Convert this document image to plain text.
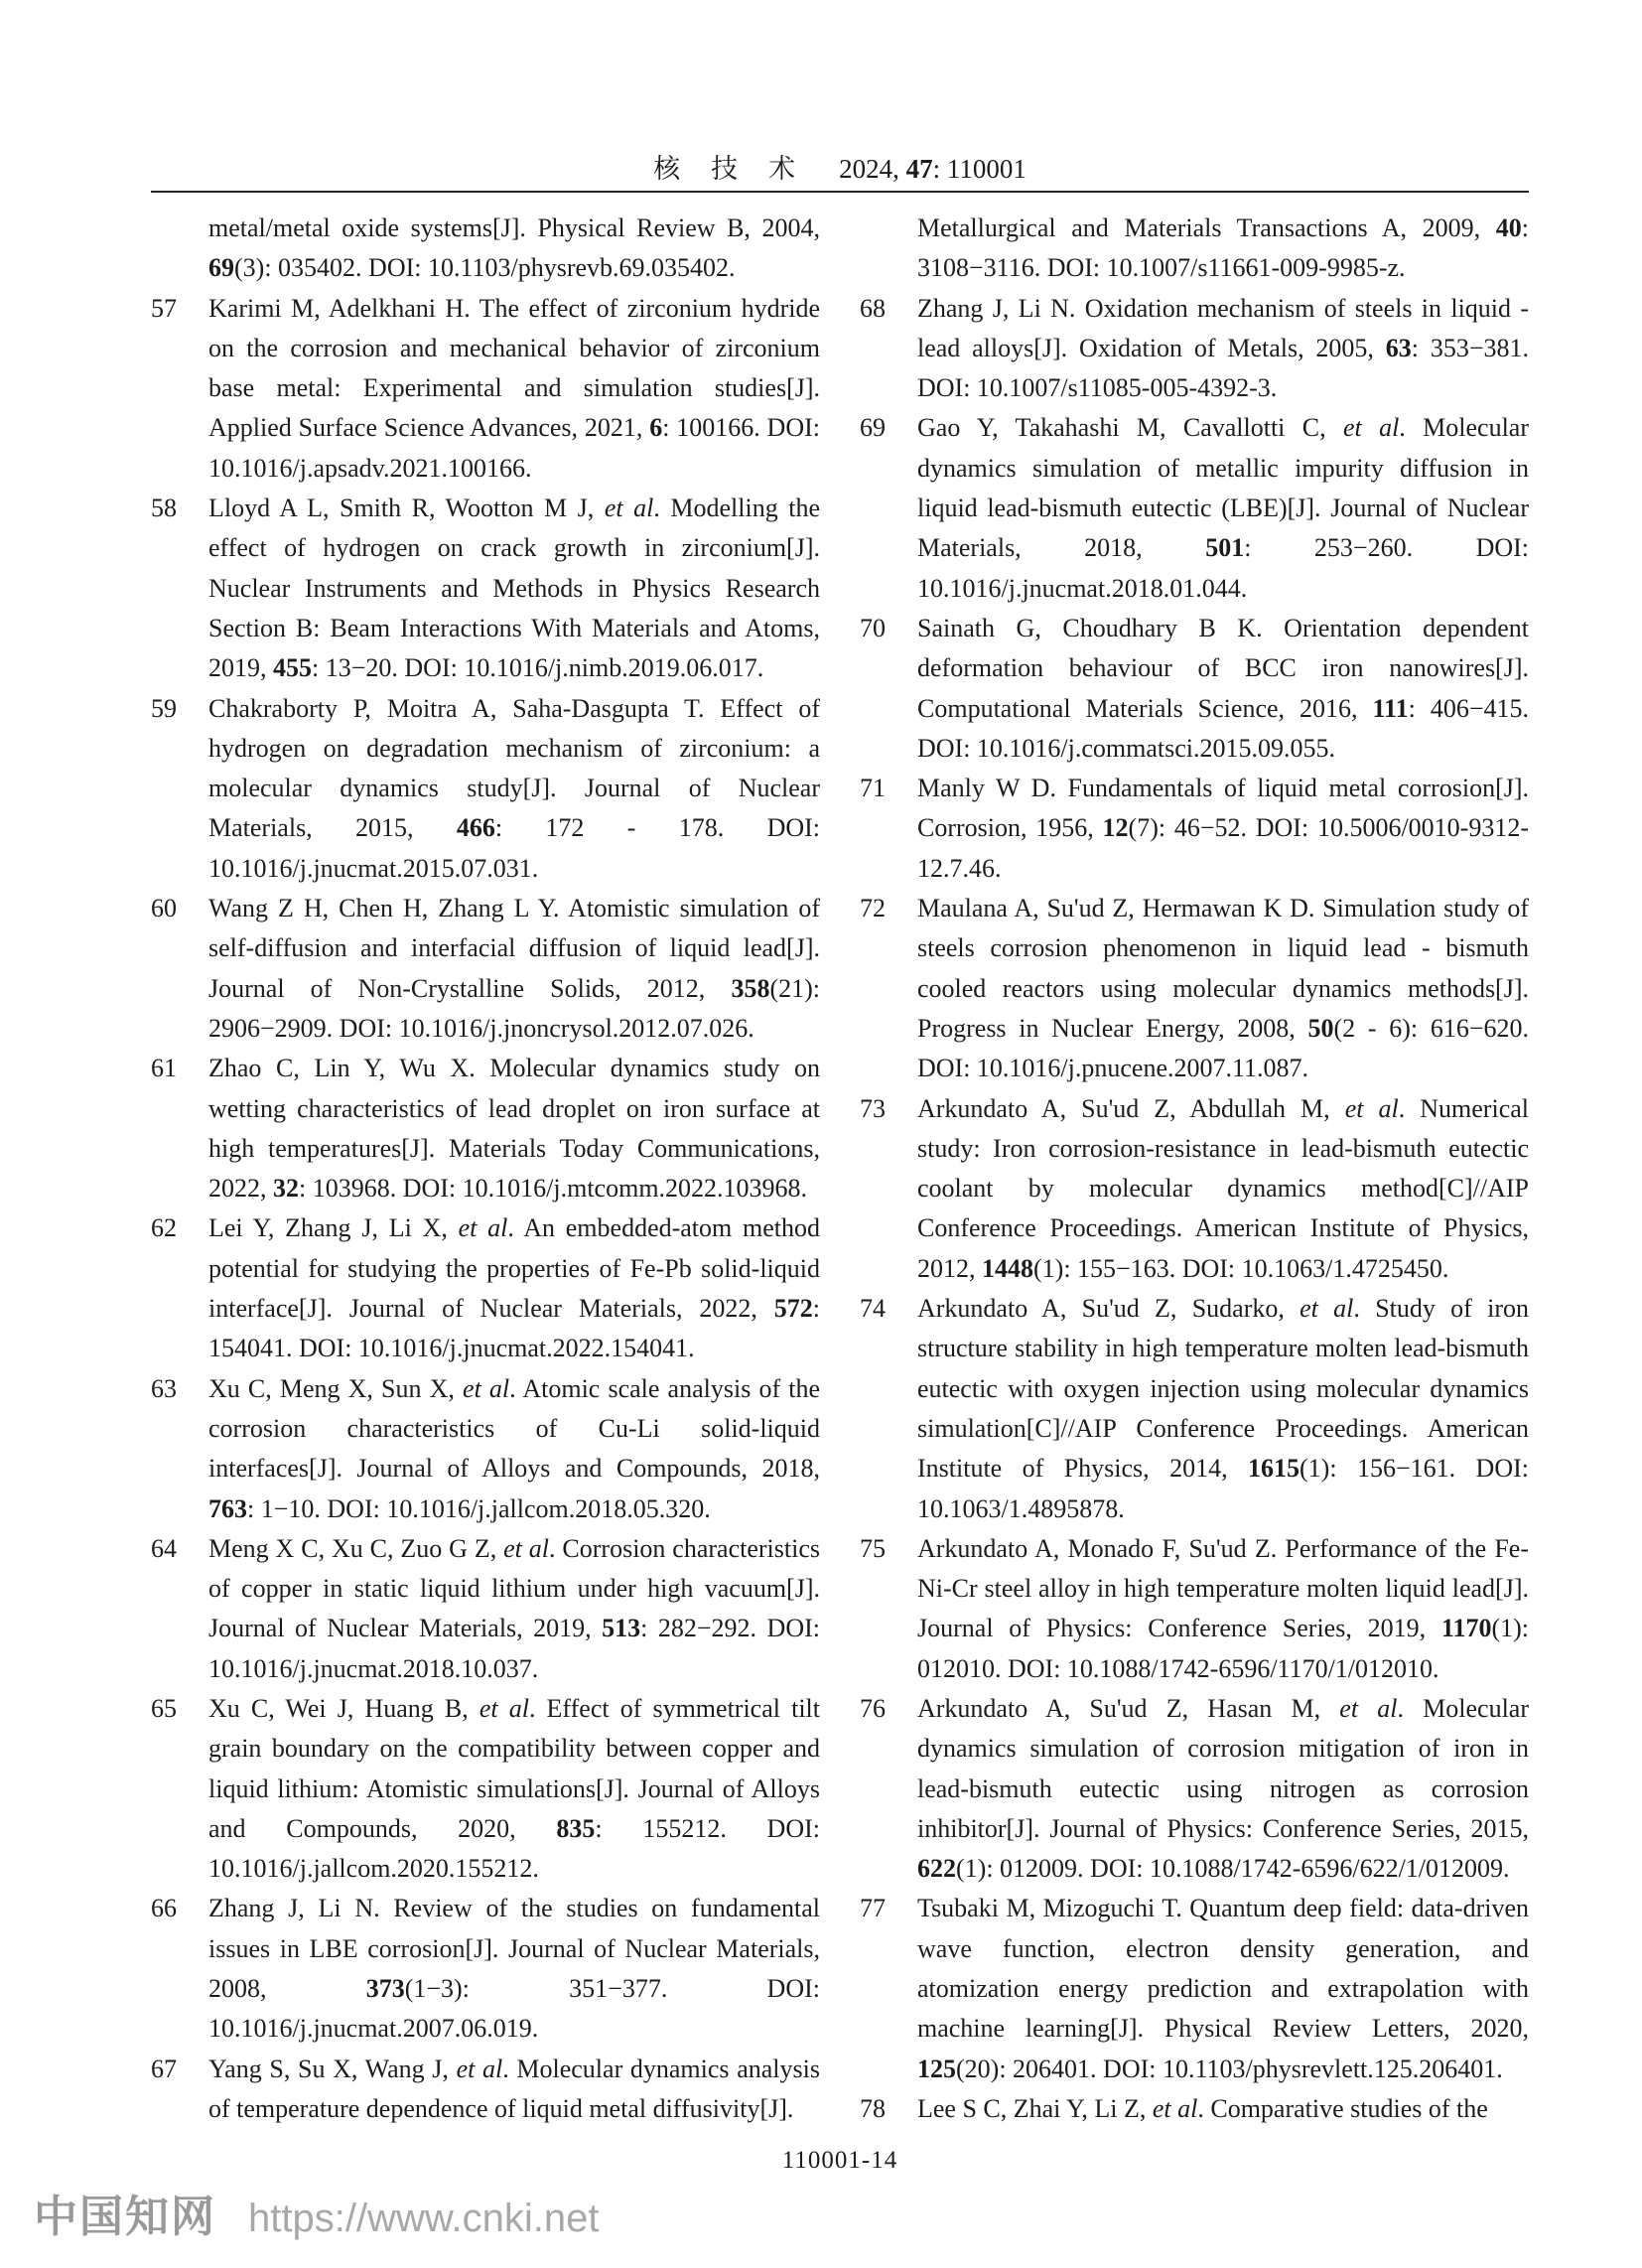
核　技　术 2024, 47: 110001
metal/metal oxide systems[J]. Physical Review B, 2004, 69(3): 035402. DOI: 10.1103/physrevb.69.035402.
57	Karimi M, Adelkhani H. The effect of zirconium hydride on the corrosion and mechanical behavior of zirconium base metal: Experimental and simulation studies[J]. Applied Surface Science Advances, 2021, 6: 100166. DOI: 10.1016/j.apsadv.2021.100166.
58	Lloyd A L, Smith R, Wootton M J, et al. Modelling the effect of hydrogen on crack growth in zirconium[J]. Nuclear Instruments and Methods in Physics Research Section B: Beam Interactions With Materials and Atoms, 2019, 455: 13−20. DOI: 10.1016/j.nimb.2019.06.017.
59	Chakraborty P, Moitra A, Saha-Dasgupta T. Effect of hydrogen on degradation mechanism of zirconium: a molecular dynamics study[J]. Journal of Nuclear Materials, 2015, 466: 172 - 178. DOI: 10.1016/j.jnucmat.2015.07.031.
60	Wang Z H, Chen H, Zhang L Y. Atomistic simulation of self-diffusion and interfacial diffusion of liquid lead[J]. Journal of Non-Crystalline Solids, 2012, 358(21): 2906−2909. DOI: 10.1016/j.jnoncrysol.2012.07.026.
61	Zhao C, Lin Y, Wu X. Molecular dynamics study on wetting characteristics of lead droplet on iron surface at high temperatures[J]. Materials Today Communications, 2022, 32: 103968. DOI: 10.1016/j.mtcomm.2022.103968.
62	Lei Y, Zhang J, Li X, et al. An embedded-atom method potential for studying the properties of Fe-Pb solid-liquid interface[J]. Journal of Nuclear Materials, 2022, 572: 154041. DOI: 10.1016/j.jnucmat.2022.154041.
63	Xu C, Meng X, Sun X, et al. Atomic scale analysis of the corrosion characteristics of Cu-Li solid-liquid interfaces[J]. Journal of Alloys and Compounds, 2018, 763: 1−10. DOI: 10.1016/j.jallcom.2018.05.320.
64	Meng X C, Xu C, Zuo G Z, et al. Corrosion characteristics of copper in static liquid lithium under high vacuum[J]. Journal of Nuclear Materials, 2019, 513: 282−292. DOI: 10.1016/j.jnucmat.2018.10.037.
65	Xu C, Wei J, Huang B, et al. Effect of symmetrical tilt grain boundary on the compatibility between copper and liquid lithium: Atomistic simulations[J]. Journal of Alloys and Compounds, 2020, 835: 155212. DOI: 10.1016/j.jallcom.2020.155212.
66	Zhang J, Li N. Review of the studies on fundamental issues in LBE corrosion[J]. Journal of Nuclear Materials, 2008, 373(1−3): 351−377. DOI: 10.1016/j.jnucmat.2007.06.019.
67	Yang S, Su X, Wang J, et al. Molecular dynamics analysis of temperature dependence of liquid metal diffusivity[J].
Metallurgical and Materials Transactions A, 2009, 40: 3108−3116. DOI: 10.1007/s11661-009-9985-z.
68	Zhang J, Li N. Oxidation mechanism of steels in liquid - lead alloys[J]. Oxidation of Metals, 2005, 63: 353−381. DOI: 10.1007/s11085-005-4392-3.
69	Gao Y, Takahashi M, Cavallotti C, et al. Molecular dynamics simulation of metallic impurity diffusion in liquid lead-bismuth eutectic (LBE)[J]. Journal of Nuclear Materials, 2018, 501: 253−260. DOI: 10.1016/j.jnucmat.2018.01.044.
70	Sainath G, Choudhary B K. Orientation dependent deformation behaviour of BCC iron nanowires[J]. Computational Materials Science, 2016, 111: 406−415. DOI: 10.1016/j.commatsci.2015.09.055.
71	Manly W D. Fundamentals of liquid metal corrosion[J]. Corrosion, 1956, 12(7): 46−52. DOI: 10.5006/0010-9312-12.7.46.
72	Maulana A, Su'ud Z, Hermawan K D. Simulation study of steels corrosion phenomenon in liquid lead - bismuth cooled reactors using molecular dynamics methods[J]. Progress in Nuclear Energy, 2008, 50(2 - 6): 616−620. DOI: 10.1016/j.pnucene.2007.11.087.
73	Arkundato A, Su'ud Z, Abdullah M, et al. Numerical study: Iron corrosion-resistance in lead-bismuth eutectic coolant by molecular dynamics method[C]//AIP Conference Proceedings. American Institute of Physics, 2012, 1448(1): 155−163. DOI: 10.1063/1.4725450.
74	Arkundato A, Su'ud Z, Sudarko, et al. Study of iron structure stability in high temperature molten lead-bismuth eutectic with oxygen injection using molecular dynamics simulation[C]//AIP Conference Proceedings. American Institute of Physics, 2014, 1615(1): 156−161. DOI: 10.1063/1.4895878.
75	Arkundato A, Monado F, Su'ud Z. Performance of the Fe-Ni-Cr steel alloy in high temperature molten liquid lead[J]. Journal of Physics: Conference Series, 2019, 1170(1): 012010. DOI: 10.1088/1742-6596/1170/1/012010.
76	Arkundato A, Su'ud Z, Hasan M, et al. Molecular dynamics simulation of corrosion mitigation of iron in lead-bismuth eutectic using nitrogen as corrosion inhibitor[J]. Journal of Physics: Conference Series, 2015, 622(1): 012009. DOI: 10.1088/1742-6596/622/1/012009.
77	Tsubaki M, Mizoguchi T. Quantum deep field: data-driven wave function, electron density generation, and atomization energy prediction and extrapolation with machine learning[J]. Physical Review Letters, 2020, 125(20): 206401. DOI: 10.1103/physrevlett.125.206401.
78	Lee S C, Zhai Y, Li Z, et al. Comparative studies of the
110001-14
中国知网 https://www.cnki.net
